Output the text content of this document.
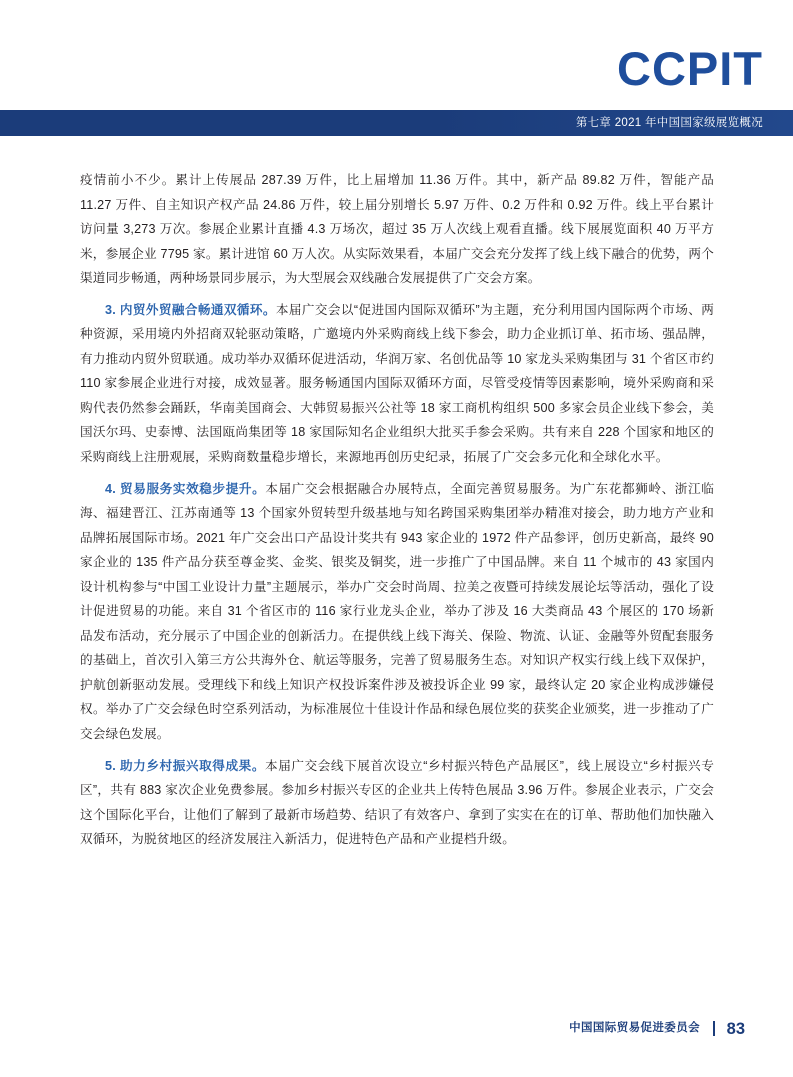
CCPIT
第七章 2021 年中国国家级展览概况

疫情前小不少。累计上传展品 287.39 万件，比上届增加 11.36 万件。其中，新产品 89.82 万件，智能产品 11.27 万件、自主知识产权产品 24.86 万件，较上届分别增长 5.97 万件、0.2 万件和 0.92 万件。线上平台累计访问量 3,273 万次。参展企业累计直播 4.3 万场次，超过 35 万人次线上观看直播。线下展展览面积 40 万平方米，参展企业 7795 家。累计进馆 60 万人次。从实际效果看，本届广交会充分发挥了线上线下融合的优势，两个渠道同步畅通，两种场景同步展示，为大型展会双线融合发展提供了广交会方案。

3. 内贸外贸融合畅通双循环。本届广交会以“促进国内国际双循环”为主题，充分利用国内国际两个市场、两种资源，采用境内外招商双轮驱动策略，广邀境内外采购商线上线下参会，助力企业抓订单、拓市场、强品牌，有力推动内贸外贸联通。成功举办双循环促进活动，华润万家、名创优品等 10 家龙头采购集团与 31 个省区市约 110 家参展企业进行对接，成效显著。服务畅通国内国际双循环方面，尽管受疫情等因素影响，境外采购商和采购代表仍然参会踊跃，华南美国商会、大韩贸易振兴公社等 18 家工商机构组织 500 多家会员企业线下参会，美国沃尔玛、史泰博、法国瓯尚集团等 18 家国际知名企业组织大批买手参会采购。共有来自 228 个国家和地区的采购商线上注册观展，采购商数量稳步增长，来源地再创历史纪录，拓展了广交会多元化和全球化水平。

4. 贸易服务实效稳步提升。本届广交会根据融合办展特点，全面完善贸易服务。为广东花都狮岭、浙江临海、福建晋江、江苏南通等 13 个国家外贸转型升级基地与知名跨国采购集团举办精准对接会，助力地方产业和品牌拓展国际市场。2021 年广交会出口产品设计奖共有 943 家企业的 1972 件产品参评，创历史新高，最终 90 家企业的 135 件产品分获至尊金奖、金奖、银奖及铜奖，进一步推广了中国品牌。来自 11 个城市的 43 家国内设计机构参与“中国工业设计力量”主题展示，举办广交会时尚周、拉美之夜暨可持续发展论坛等活动，强化了设计促进贸易的功能。来自 31 个省区市的 116 家行业龙头企业，举办了涉及 16 大类商品 43 个展区的 170 场新品发布活动，充分展示了中国企业的创新活力。在提供线上线下海关、保险、物流、认证、金融等外贸配套服务的基础上，首次引入第三方公共海外仓、航运等服务，完善了贸易服务生态。对知识产权实行线上线下双保护，护航创新驱动发展。受理线下和线上知识产权投诉案件涉及被投诉企业 99 家，最终认定 20 家企业构成涉嫌侵权。举办了广交会绿色时空系列活动，为标准展位十佳设计作品和绿色展位奖的获奖企业颁奖，进一步推动了广交会绿色发展。

5. 助力乡村振兴取得成果。本届广交会线下展首次设立“乡村振兴特色产品展区”，线上展设立“乡村振兴专区”，共有 883 家次企业免费参展。参加乡村振兴专区的企业共上传特色展品 3.96 万件。参展企业表示，广交会这个国际化平台，让他们了解到了最新市场趋势、结识了有效客户、拿到了实实在在的订单、帮助他们加快融入双循环，为脱贫地区的经济发展注入新活力，促进特色产品和产业提档升级。

中国国际贸易促进委员会 83
